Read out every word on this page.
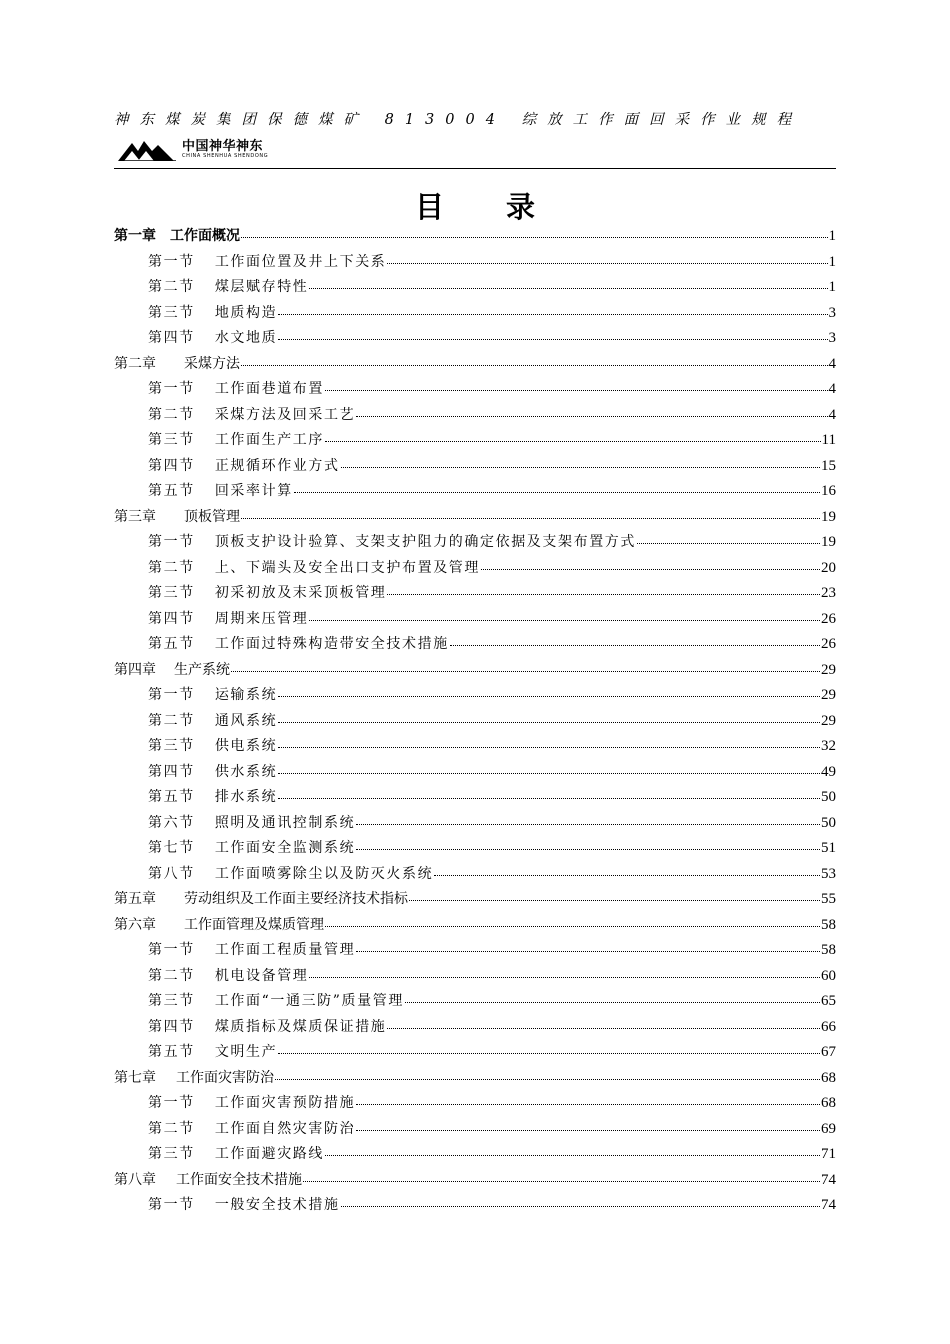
神东煤炭集团保德煤矿 813004 综放工作面回采作业规程
中国神华神东
CHINA SHENHUA SHENDONG
目 录
第一章 工作面概况	1
第一节 工作面位置及井上下关系	1
第二节 煤层赋存特性	1
第三节 地质构造	3
第四节 水文地质	3
第二章 采煤方法	4
第一节 工作面巷道布置	4
第二节 采煤方法及回采工艺	4
第三节 工作面生产工序	11
第四节 正规循环作业方式	15
第五节 回采率计算	16
第三章 顶板管理	19
第一节 顶板支护设计验算、支架支护阻力的确定依据及支架布置方式	19
第二节 上、下端头及安全出口支护布置及管理	20
第三节 初采初放及末采顶板管理	23
第四节 周期来压管理	26
第五节 工作面过特殊构造带安全技术措施	26
第四章 生产系统	29
第一节 运输系统	29
第二节 通风系统	29
第三节 供电系统	32
第四节 供水系统	49
第五节 排水系统	50
第六节 照明及通讯控制系统	50
第七节 工作面安全监测系统	51
第八节 工作面喷雾除尘以及防灭火系统	53
第五章 劳动组织及工作面主要经济技术指标	55
第六章 工作面管理及煤质管理	58
第一节 工作面工程质量管理	58
第二节 机电设备管理	60
第三节 工作面“一通三防”质量管理	65
第四节 煤质指标及煤质保证措施	66
第五节 文明生产	67
第七章 工作面灾害防治	68
第一节 工作面灾害预防措施	68
第二节 工作面自然灾害防治	69
第三节 工作面避灾路线	71
第八章 工作面安全技术措施	74
第一节 一般安全技术措施	74
